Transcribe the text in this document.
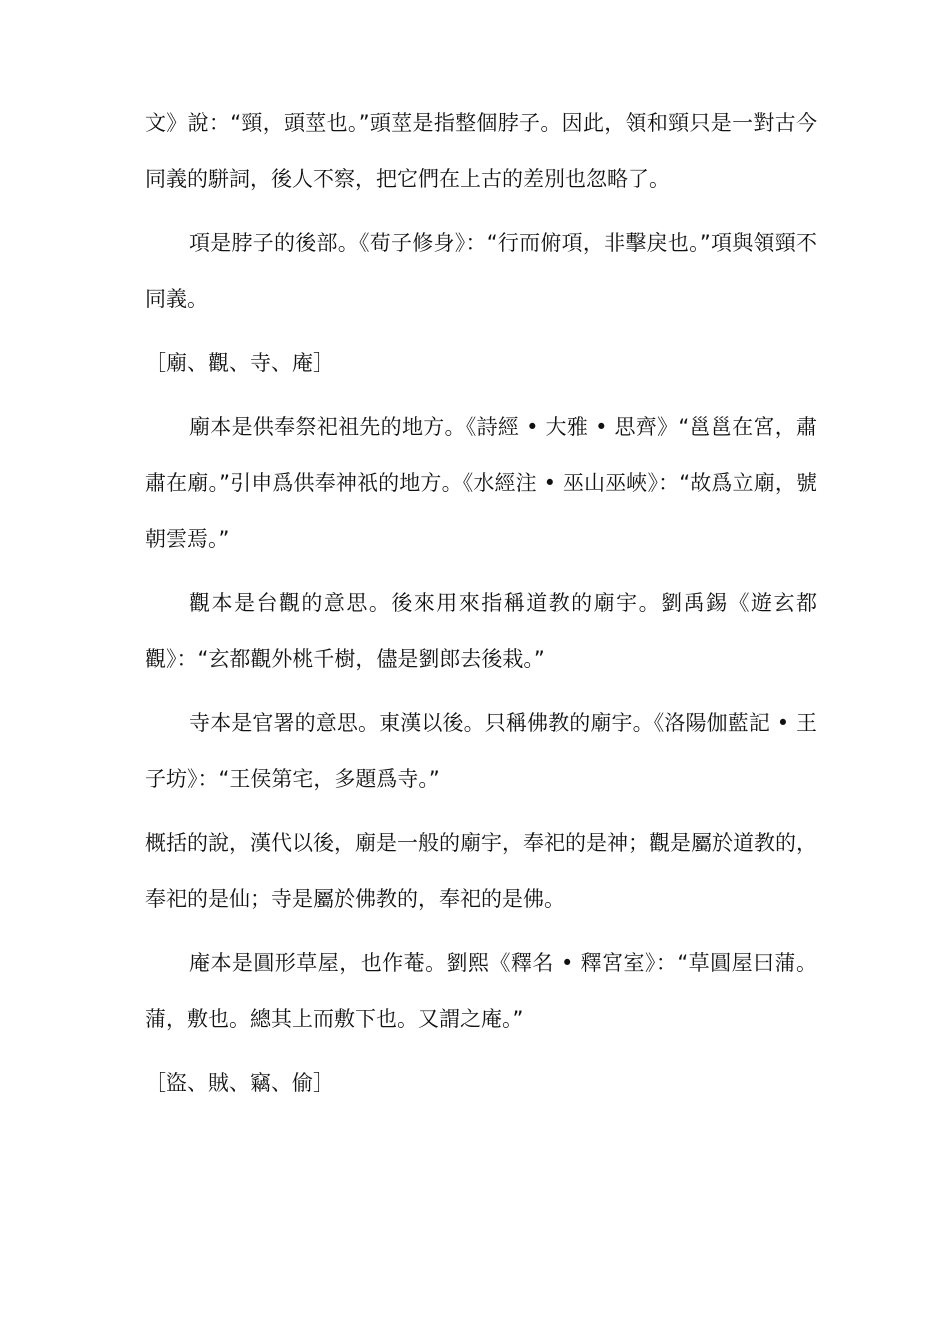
文》說：“頸，頭莖也。”頭莖是指整個脖子。因此，領和頸只是一對古今同義的駢詞，後人不察，把它們在上古的差別也忽略了。

項是脖子的後部。《荀子修身》：“行而俯項，非擊戾也。”項與領頸不同義。

［廟、觀、寺、庵］

廟本是供奉祭祀祖先的地方。《詩經 • 大雅 • 思齊》“邕邕在宮，肅肅在廟。”引申爲供奉神祇的地方。《水經注 • 巫山巫峽》：“故爲立廟，號朝雲焉。”

觀本是台觀的意思。後來用來指稱道教的廟宇。劉禹錫《遊玄都觀》：“玄都觀外桃千樹，儘是劉郎去後栽。”

寺本是官署的意思。東漢以後。只稱佛教的廟宇。《洛陽伽藍記 • 王子坊》：“王侯第宅，多題爲寺。”

概括的說，漢代以後，廟是一般的廟宇，奉祀的是神；觀是屬於道教的，奉祀的是仙；寺是屬於佛教的，奉祀的是佛。

庵本是圓形草屋，也作菴。劉熙《釋名 • 釋宮室》：“草圓屋曰蒲。蒲，敷也。總其上而敷下也。又謂之庵。”

［盜、賊、竊、偷］
